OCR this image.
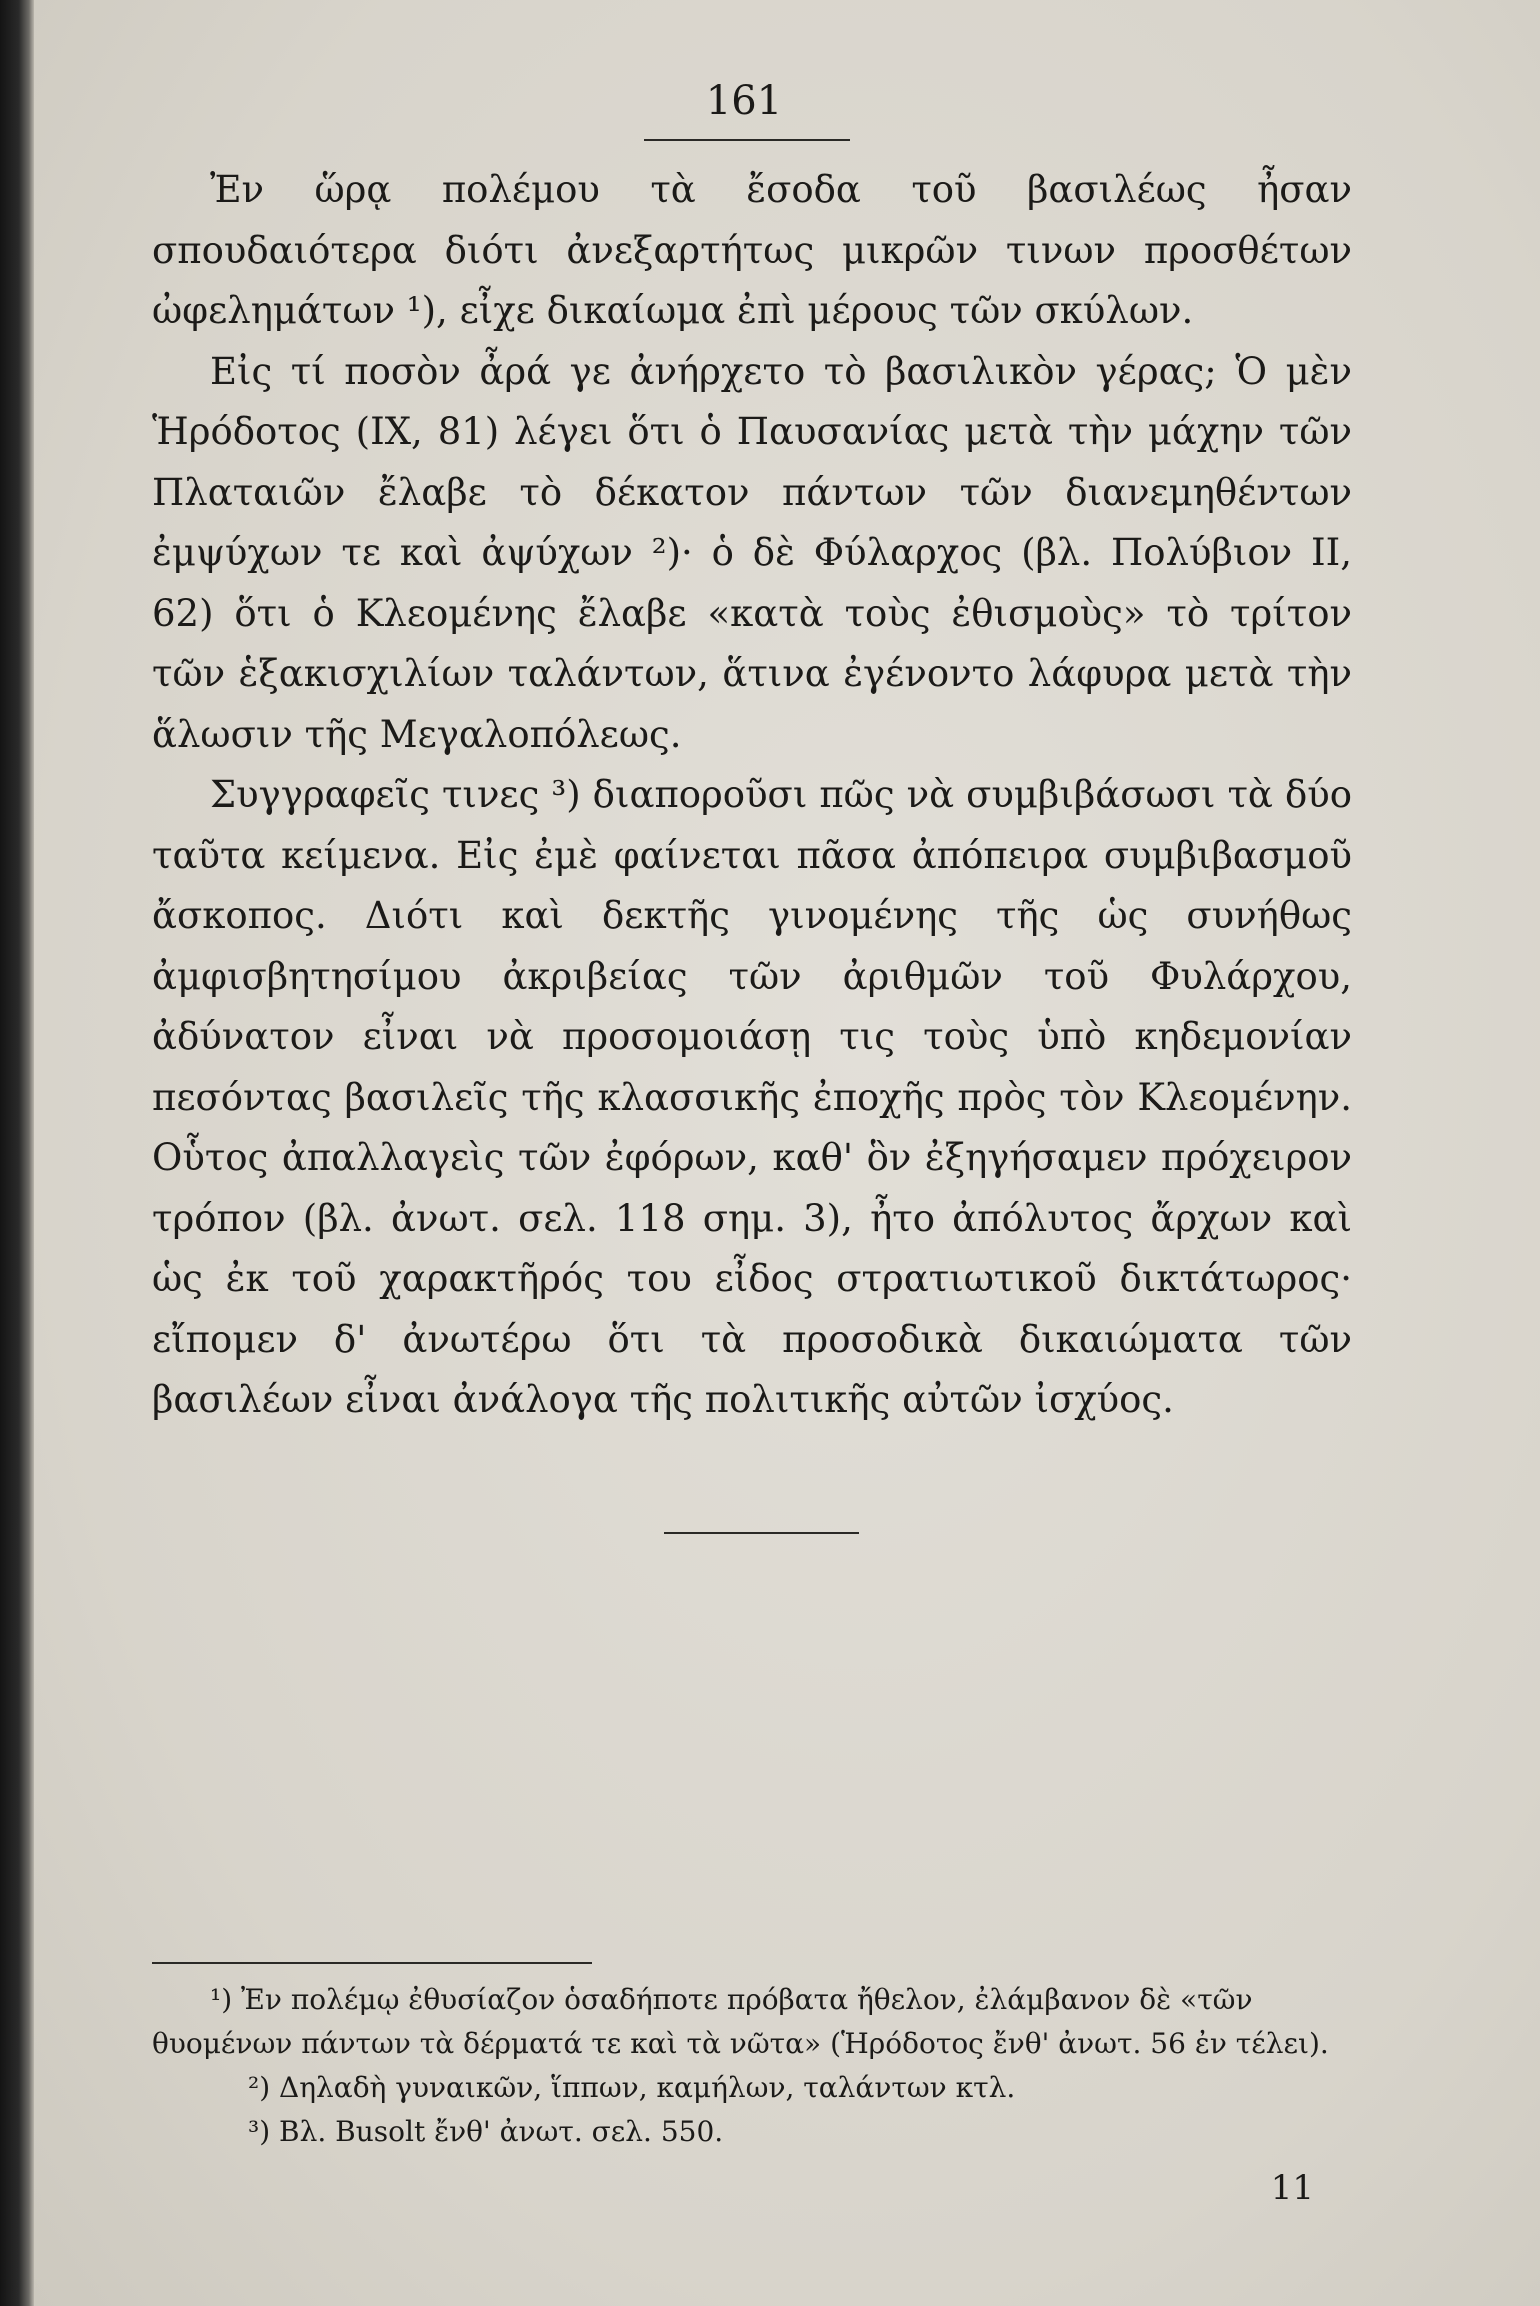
161

Ἐν ὥρᾳ πολέμου τὰ ἔσοδα τοῦ βασιλέως ἦσαν σπουδαιότερα διότι ἀνεξαρτήτως μικρῶν τινων προσθέτων ὠφελημάτων ¹), εἶχε δικαίωμα ἐπὶ μέρους τῶν σκύλων.

Εἰς τί ποσὸν ἆρά γε ἀνήρχετο τὸ βασιλικὸν γέρας; Ὁ μὲν Ἡρόδοτος (IX, 81) λέγει ὅτι ὁ Παυσανίας μετὰ τὴν μάχην τῶν Πλαταιῶν ἔλαβε τὸ δέκατον πάντων τῶν διανεμηθέντων ἐμψύχων τε καὶ ἀψύχων ²)· ὁ δὲ Φύλαρχος (βλ. Πολύβιον II, 62) ὅτι ὁ Κλεομένης ἔλαβε «κατὰ τοὺς ἐθισμοὺς» τὸ τρίτον τῶν ἑξακισχιλίων ταλάντων, ἅτινα ἐγένοντο λάφυρα μετὰ τὴν ἅλωσιν τῆς Μεγαλοπόλεως.

Συγγραφεῖς τινες ³) διαποροῦσι πῶς νὰ συμβιβάσωσι τὰ δύο ταῦτα κείμενα. Εἰς ἐμὲ φαίνεται πᾶσα ἀπόπειρα συμβιβασμοῦ ἄσκοπος. Διότι καὶ δεκτῆς γινομένης τῆς ὡς συνήθως ἀμφισβητησίμου ἀκριβείας τῶν ἀριθμῶν τοῦ Φυλάρχου, ἀδύνατον εἶναι νὰ προσομοιάσῃ τις τοὺς ὑπὸ κηδεμονίαν πεσόντας βασιλεῖς τῆς κλασσικῆς ἐποχῆς πρὸς τὸν Κλεομένην. Οὗτος ἀπαλλαγεὶς τῶν ἐφόρων, καθ' ὃν ἐξηγήσαμεν πρόχειρον τρόπον (βλ. ἀνωτ. σελ. 118 σημ. 3), ἦτο ἀπόλυτος ἄρχων καὶ ὡς ἐκ τοῦ χαρακτῆρός του εἶδος στρατιωτικοῦ δικτάτωρος· εἴπομεν δ' ἀνωτέρω ὅτι τὰ προσοδικὰ δικαιώματα τῶν βασιλέων εἶναι ἀνάλογα τῆς πολιτικῆς αὐτῶν ἰσχύος.

¹) Ἐν πολέμῳ ἐθυσίαζον ὁσαδήποτε πρόβατα ἤθελον, ἐλάμβανον δὲ «τῶν θυομένων πάντων τὰ δέρματά τε καὶ τὰ νῶτα» (Ἡρόδοτος ἔνθ' ἀνωτ. 56 ἐν τέλει).

²) Δηλαδὴ γυναικῶν, ἵππων, καμήλων, ταλάντων κτλ.

³) Βλ. Busolt ἔνθ' ἀνωτ. σελ. 550.

11
